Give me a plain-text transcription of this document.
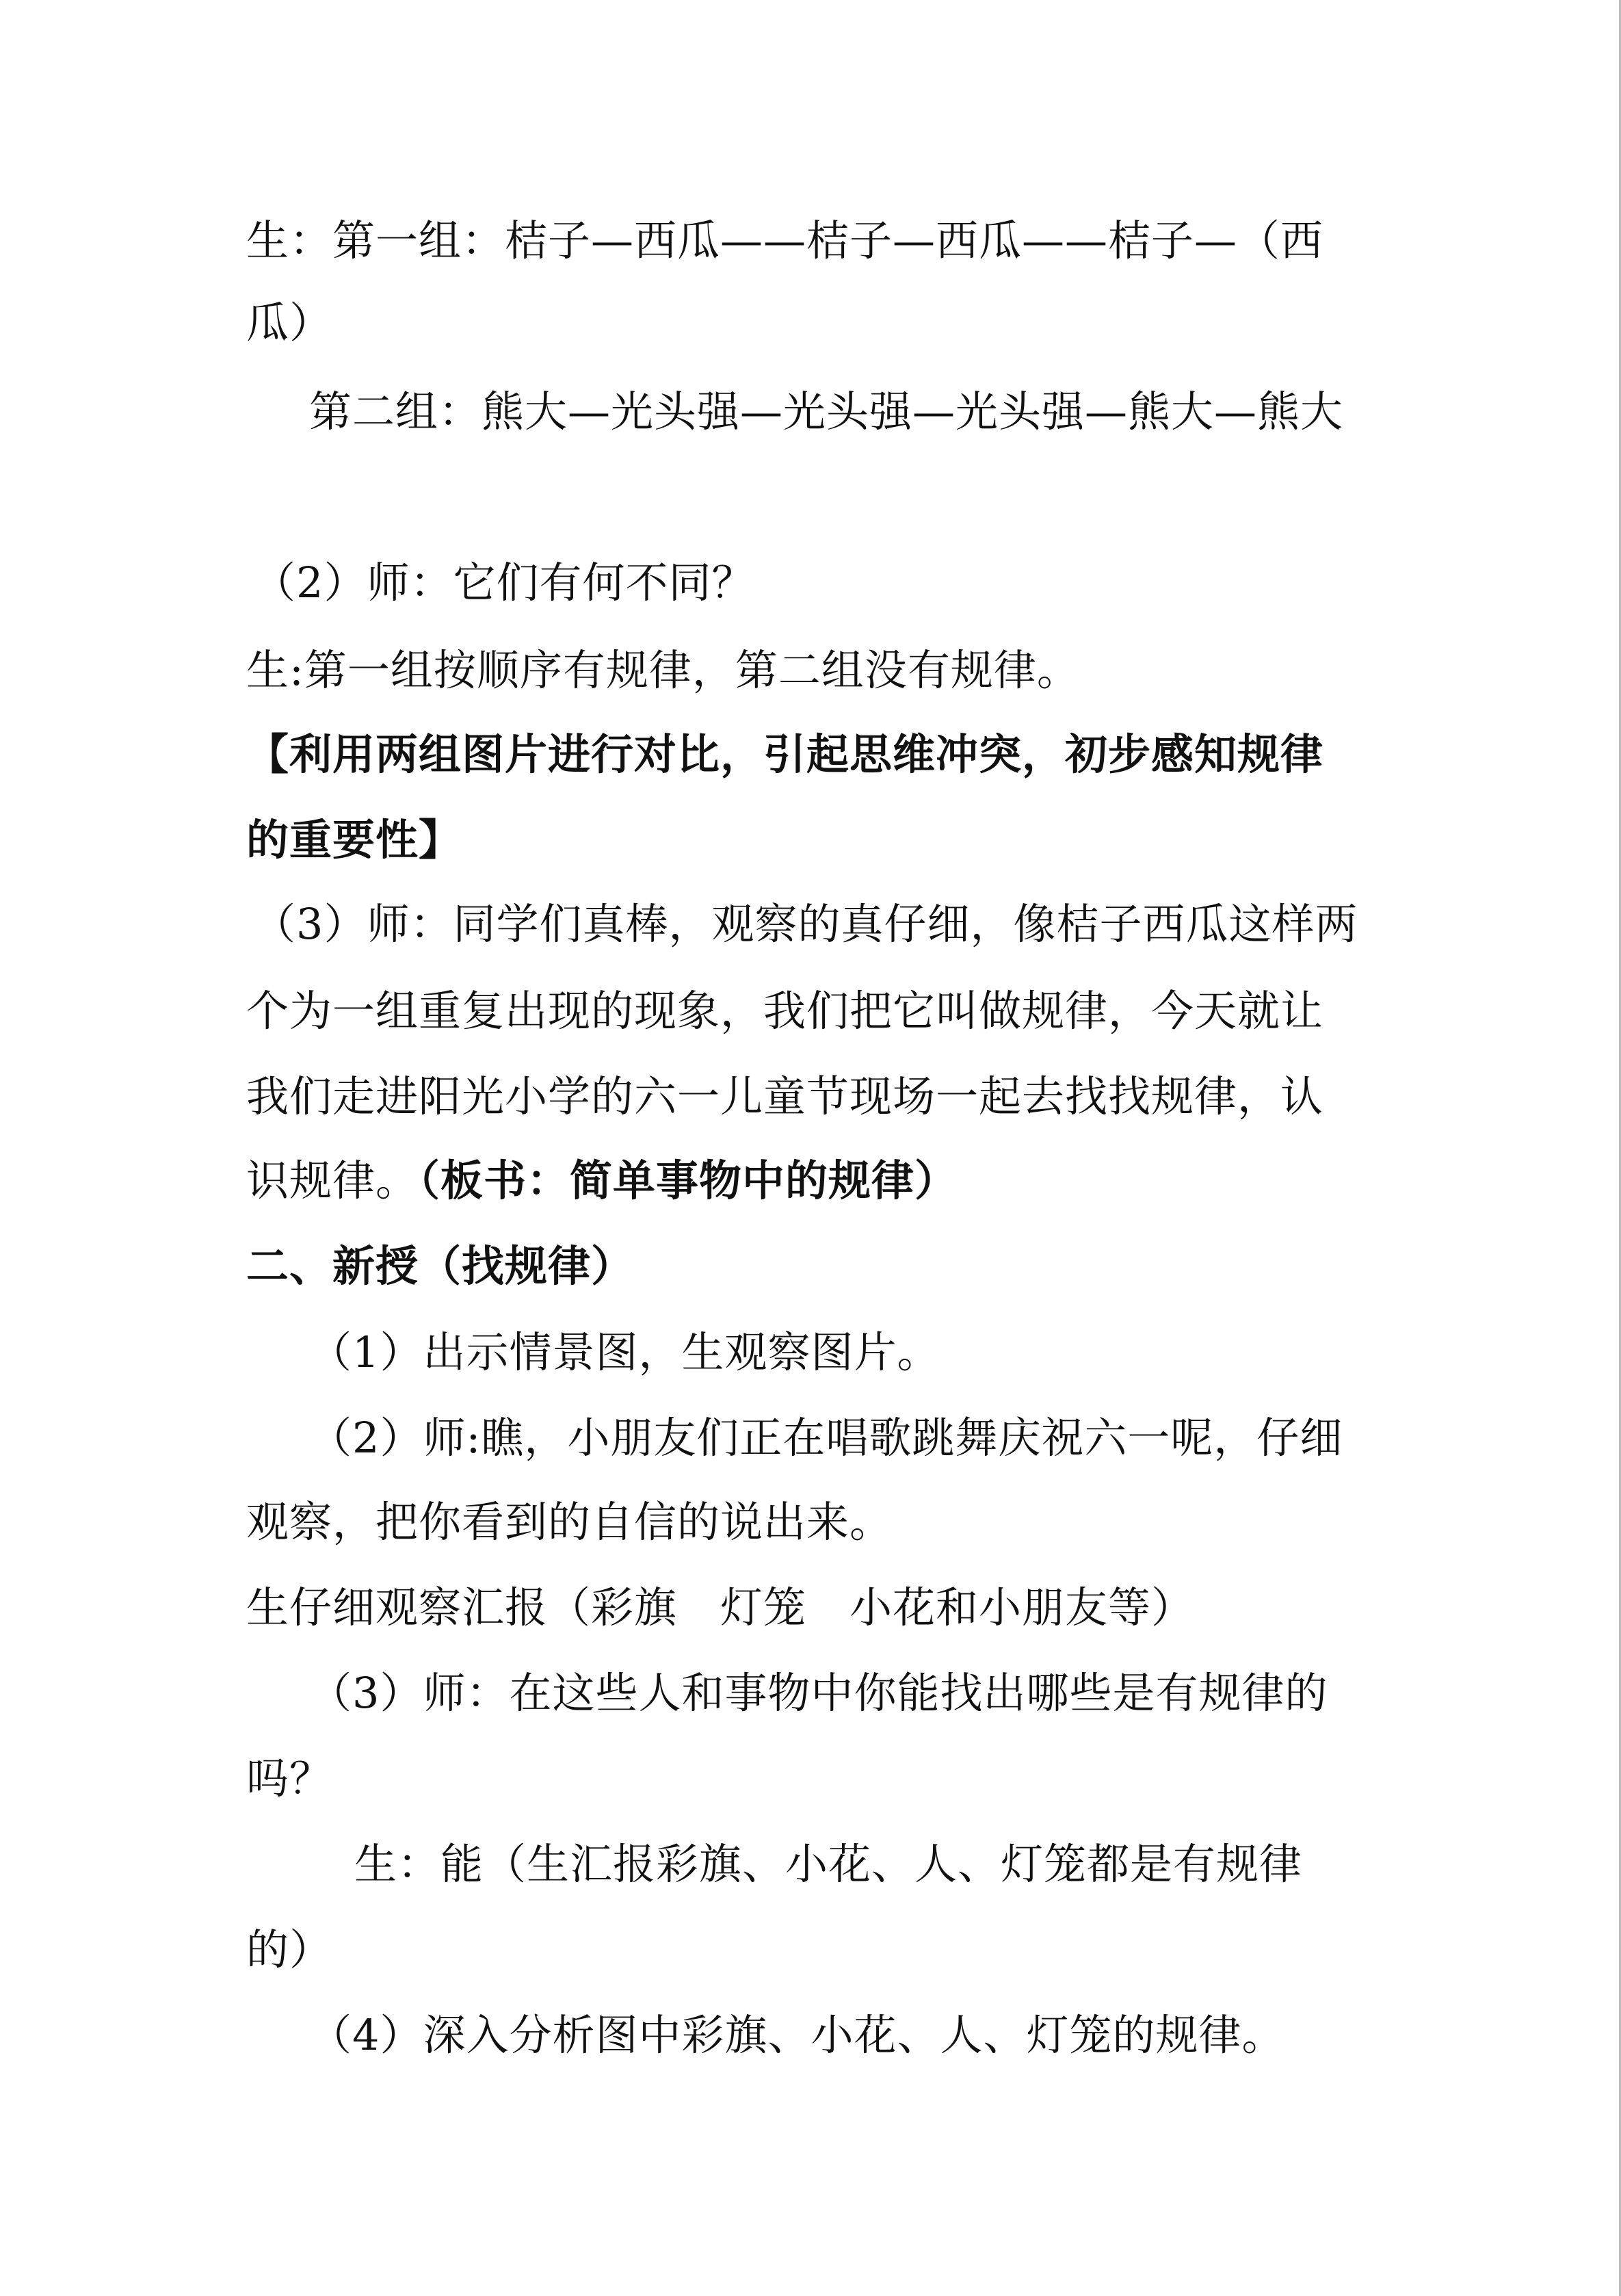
生：第一组：桔子—西瓜——桔子—西瓜——桔子—（西
瓜）
第二组：熊大—光头强—光头强—光头强—熊大—熊大
（2）师：它们有何不同？
生:第一组按顺序有规律，第二组没有规律。
【利用两组图片进行对比，引起思维冲突，初步感知规律
的重要性】
（3）师：同学们真棒，观察的真仔细，像桔子西瓜这样两
个为一组重复出现的现象，我们把它叫做规律，今天就让
我们走进阳光小学的六一儿童节现场一起去找找规律，认
识规律。（板书：简单事物中的规律）
二、新授（找规律）
（1）出示情景图，生观察图片。
（2）师:瞧，小朋友们正在唱歌跳舞庆祝六一呢，仔细
观察，把你看到的自信的说出来。
生仔细观察汇报（彩旗　灯笼　小花和小朋友等）
（3）师：在这些人和事物中你能找出哪些是有规律的
吗？
生：能（生汇报彩旗、小花、人、灯笼都是有规律
的）
（4）深入分析图中彩旗、小花、人、灯笼的规律。
